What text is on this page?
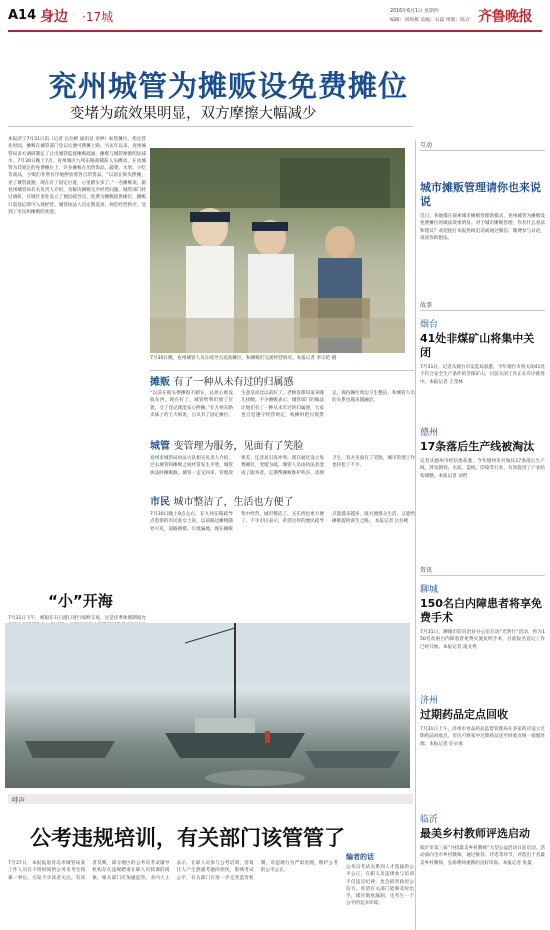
A14 身边 ·17城	2016年6月1日 星期四
编辑：刘海燕 美编：石磊 组版：陈卉 齐鲁晚报
兖州城管为摊贩设免费摊位
变堵为疏效果明显，双方摩擦大幅减少
本报济宁7月31日讯（记者 岳位彬 通讯员 亚婷）如您摊位，指定营业时间，摊贩在城管部门登记后便可摆摊上路，另去年以来，兖州城管局多方调研制定了让出城管监督摊贩疏通，摊贩与城管摩擦明显减少。7月30日晚上7点，兖州城区九州东路商铺前人头攒动，在由城管为其划定的免费摊位上，许多摊贩在出售饰品、蔬菜、水果、小吃等商品，小贩们井然有序地摆放着各自的货品。“以前在街头摆摊，见了城管就跑，现在有了固定位置，心里踏实多了。”一名摊贩说。据兖州城管局有关负责人介绍，为解决摊贩无序经营问题，城管部门经过调研，在城区多处设立了便民疏导点，免费为摊贩提供摊位，摊贩只需登记即可入场经营。城管执法人员定期巡查，规范经营秩序，受到了市民和摊贩的欢迎。
7月30日晚，兖州城管人员在疏导点巡查摊位，和摊贩们交流经营情况。本报记者 李宗伦 摄
摊贩 有了一种从未有过的归属感
“以前在街头摆摊很不踏实，总担心被没收东西，现在好了，城管给我们划了位置，交了登记就能安心摆摊。”在九州东路卖袜子的王大姐说，自从有了固定摊位，生意反而比以前好了，老顾客都知道来哪儿找她。不少摊贩表示，城管部门的做法让他们有了一种从未有过的归属感，大家也自觉遵守经营规定，收摊时把垃圾带走，保持摊位周边卫生整洁，和城管人员的关系也越来越融洽。
城管 变管理为服务，见面有了笑脸
兖州市城管局执法大队相关负责人介绍，过去城管和摊贩之间经常发生矛盾，城管执法时摊贩躲，城管一走又回来，管理效果差，还容易引发冲突。现在通过设立免费摊位，变堵为疏，城管人员由执法者变成了服务者，定期帮摊贩维护秩序、清理卫生，双方见面有了笑脸，城市管理工作也轻松了不少。
市民 城市整洁了，生活也方便了
7月30日晚上8点左右，在九州东路疏导点逛街的市民张女士说，以前路边摊贩随处可见，道路拥堵、垃圾遍地，现在摊贩集中经营，城市整洁了，买东西也更方便了。不少市民表示，希望这样的便民疏导点能越来越多，既方便群众生活，又能给摊贩提供谋生之路。 本报记者 岳位彬
“小”开海
7月31日下午，渔船在石臼港口进行海鲜交易，这是伏季休渔期间允
呼声
公考违规培训，有关部门该管管了
7月27日，本报报道青岛市城管局某工作人员在下班时间给公务员考生授课一事后，引发不少读者关注。有读者反映，部分地区的公务员考试辅导机构存在违规聘请在职人员授课的现象，相关部门应加强监管。业内人士表示，在职人员参与公考培训，容易让人产生泄露考题的担忧，影响考试公平，有关部门应进一步完善监管机制，对违规行为严肃处理，维护公考的公平公正。
编者的话
公务员考试关系到人才选拔的公平公正，在职人员违规参与培训不仅违反纪律，也会损害政府公信力。希望有关部门能够及时出手，堵住制度漏洞，还考生一个公平的竞争环境。
互动
城市摊贩管理请你也来说说
近日，各地都在探索城市摊贩管理新模式，兖州城管为摊贩设免费摊位的做法效果明显。对于城市摊贩管理，你有什么看法和建议？欢迎拨打本报热线电话或通过微信、微博参与讨论，说说你的想法。
故事
烟台
41处非煤矿山将集中关闭
7月31日，记者从烟台市安监局获悉，今年烟台市将关闭41处不符合安全生产条件的非煤矿山，目前关闭工作正在有序推进中。本报记者 王茂林
德州
17条落后生产线被淘汰
记者从德州市经信委获悉，今年德州市共淘汰17条落后生产线，涉及钢铁、水泥、造纸、印染等行业，有效促进了产业结构调整。本报记者 刘哲
资讯
聊城
150名白内障患者将享免费手术
7月31日，聊城市防盲治盲办公室启动“光明行”活动，将为150名贫困白内障患者免费实施复明手术，目前报名登记工作已经开始。本报记者 凌文秀
济州
过期药品定点回收
7月31日上午，济州市食品药品监督管理局在多家药店设立过期药品回收点，市民可将家中过期药品送至回收点统一销毁处理。本报记者 任卓承
临沂
最美乡村教师评选启动
临沂市第三届“寻找最美乡村教师”大型公益活动日前启动，活动面向全市乡村教师，通过推荐、评选等环节，评选出十名最美乡村教师，弘扬尊师重教的良好风尚。本报记者 张曼
